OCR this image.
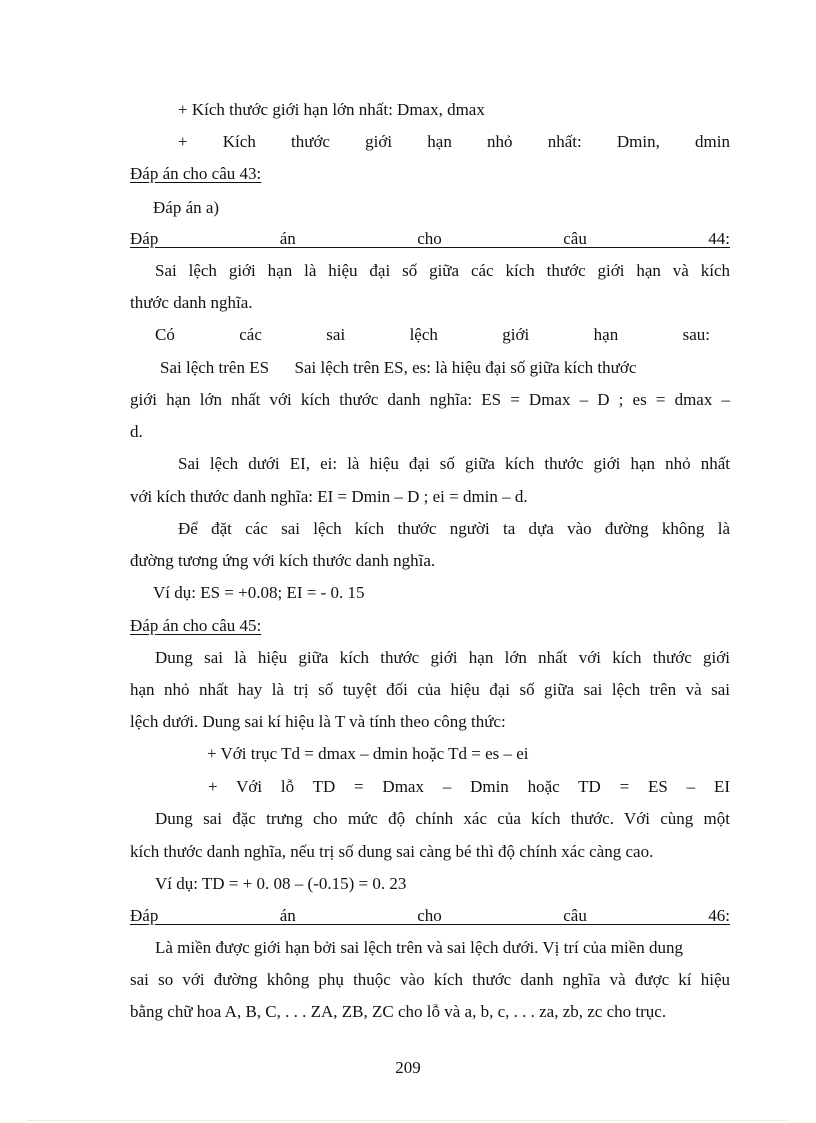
+ Kích thước giới hạn lớn nhất: Dmax, dmax
+ Kích thước giới hạn nhỏ nhất: Dmin, dmin
Đáp án cho câu 43:
Đáp án a)
Đáp án cho câu 44:
Sai lệch giới hạn là hiệu đại số giữa các kích thước giới hạn và kích
thước danh nghĩa.
Có các sai lệch giới hạn sau:
Sai lệch trên ES      Sai lệch trên ES, es: là hiệu đại số giữa kích thước
giới hạn lớn nhất với kích thước danh nghĩa: ES = Dmax – D ; es = dmax –
d.
Sai lệch dưới EI, ei: là hiệu đại số giữa kích thước giới hạn nhỏ nhất
với kích thước danh nghĩa: EI = Dmin – D ; ei = dmin – d.
Để đặt các sai lệch kích thước người ta dựa vào đường không là
đường tương ứng với kích thước danh nghĩa.
Ví dụ: ES = +0.08; EI = - 0. 15
Đáp án cho câu 45:
Dung sai là hiệu giữa kích thước giới hạn lớn nhất với kích thước giới
hạn nhỏ nhất hay là trị số tuyệt đối của hiệu đại số giữa sai lệch trên và sai
lệch dưới. Dung sai kí hiệu là T và tính theo công thức:
+ Với trục Td = dmax – dmin hoặc Td = es – ei
+ Với lỗ TD = Dmax – Dmin hoặc TD = ES – EI
Dung sai đặc trưng cho mức độ chính xác của kích thước. Với cùng một
kích thước danh nghĩa, nếu trị số dung sai càng bé thì độ chính xác càng cao.
Ví dụ: TD = + 0. 08 – (-0.15) = 0. 23
Đáp án cho câu 46:
Là miền được giới hạn bởi sai lệch trên và sai lệch dưới. Vị trí của miền dung
sai so với đường không phụ thuộc vào kích thước danh nghĩa và được kí hiệu
bằng chữ hoa A, B, C, . . . ZA, ZB, ZC cho lỗ và a, b, c, . . . za, zb, zc cho trục.
209
